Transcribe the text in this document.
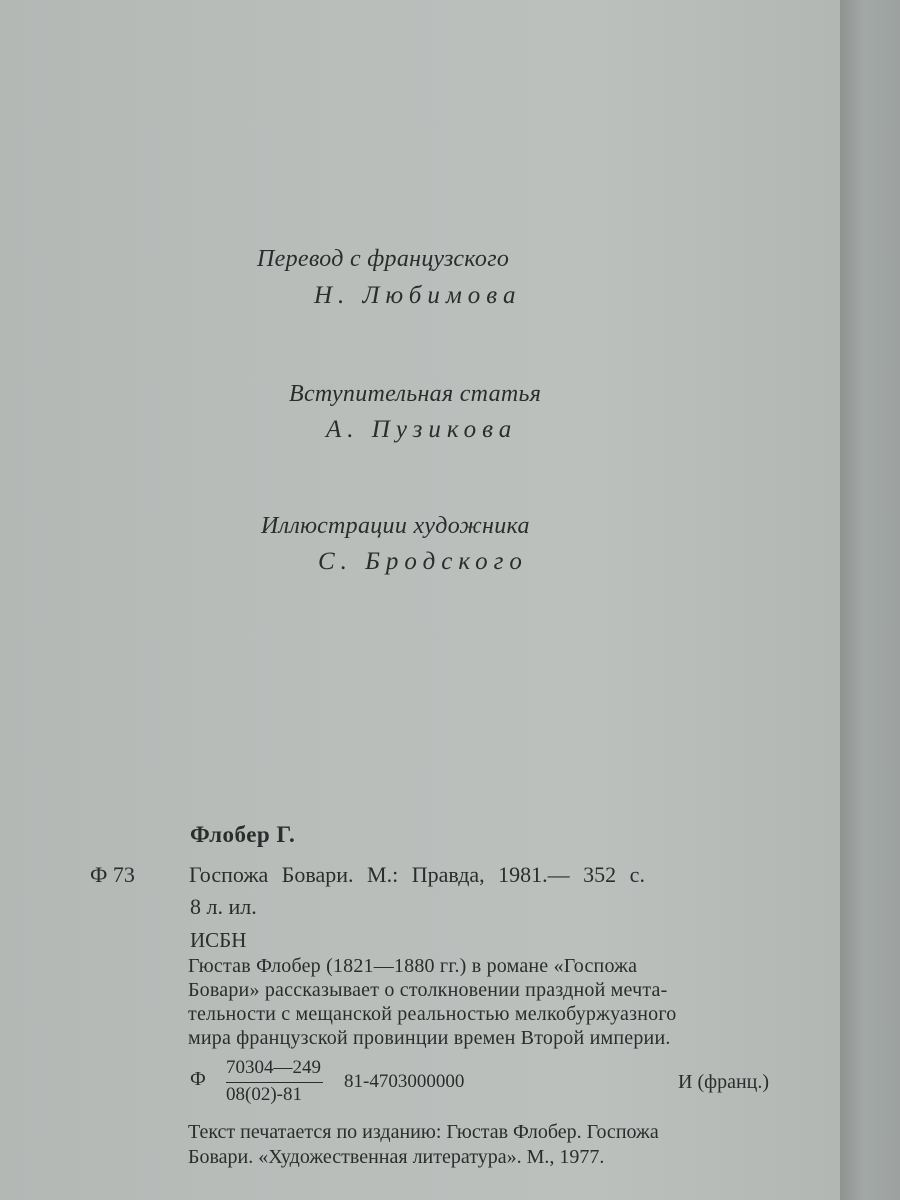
Перевод с французского
Н. Любимова
Вступительная статья
А. Пузикова
Иллюстрации художника
С. Бродского
Флобер Г.
Ф 73 Госпожа Бовари. М.: Правда, 1981.— 352 с.
8 л. ил.
ИСБН
Гюстав Флобер (1821—1880 гг.) в романе «Госпожа
Бовари» рассказывает о столкновении праздной мечта-
тельности с мещанской реальностью мелкобуржуазного
мира французской провинции времен Второй империи.
Ф $\frac{70304—249}{08(02)-81} 81-4703000000$	И (франц.)
Текст печатается по изданию: Гюстав Флобер. Госпожа
Бовари. «Художественная литература». М., 1977.
